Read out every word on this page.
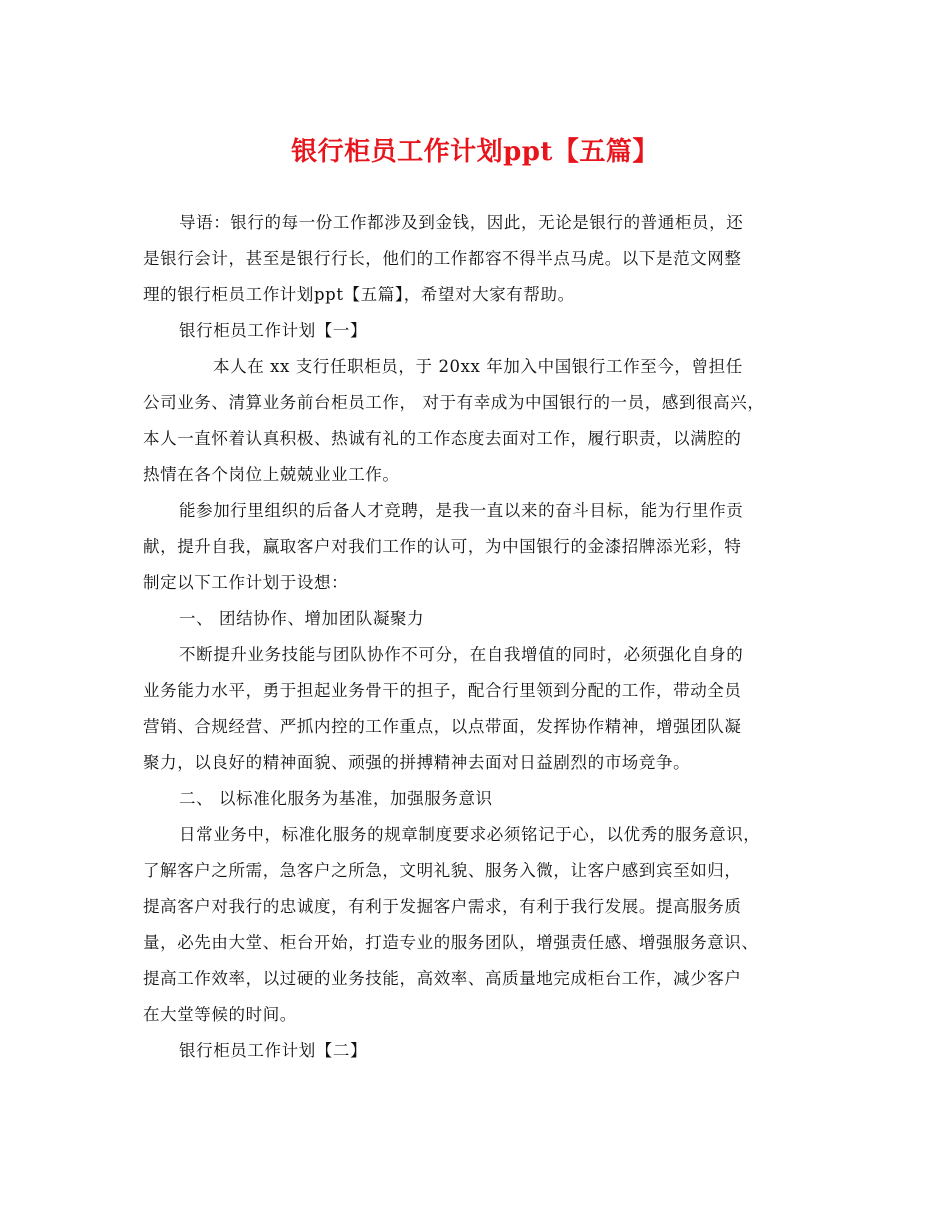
银行柜员工作计划ppt【五篇】
导语：银行的每一份工作都涉及到金钱，因此，无论是银行的普通柜员，还
是银行会计，甚至是银行行长，他们的工作都容不得半点马虎。以下是范文网整
理的银行柜员工作计划ppt【五篇】，希望对大家有帮助。
银行柜员工作计划【一】
本人在 xx 支行任职柜员，于 20xx 年加入中国银行工作至今，曾担任
公司业务、清算业务前台柜员工作， 对于有幸成为中国银行的一员，感到很高兴，
本人一直怀着认真积极、热诚有礼的工作态度去面对工作，履行职责，以满腔的
热情在各个岗位上兢兢业业工作。
能参加行里组织的后备人才竞聘，是我一直以来的奋斗目标，能为行里作贡
献，提升自我，赢取客户对我们工作的认可，为中国银行的金漆招牌添光彩，特
制定以下工作计划于设想：
一、 团结协作、增加团队凝聚力
不断提升业务技能与团队协作不可分，在自我增值的同时，必须强化自身的
业务能力水平，勇于担起业务骨干的担子，配合行里领到分配的工作，带动全员
营销、合规经营、严抓内控的工作重点，以点带面，发挥协作精神，增强团队凝
聚力，以良好的精神面貌、顽强的拼搏精神去面对日益剧烈的市场竞争。
二、 以标准化服务为基准，加强服务意识
日常业务中，标准化服务的规章制度要求必须铭记于心，以优秀的服务意识，
了解客户之所需，急客户之所急，文明礼貌、服务入微，让客户感到宾至如归，
提高客户对我行的忠诚度，有利于发掘客户需求，有利于我行发展。提高服务质
量，必先由大堂、柜台开始，打造专业的服务团队，增强责任感、增强服务意识、
提高工作效率，以过硬的业务技能，高效率、高质量地完成柜台工作，减少客户
在大堂等候的时间。
银行柜员工作计划【二】
